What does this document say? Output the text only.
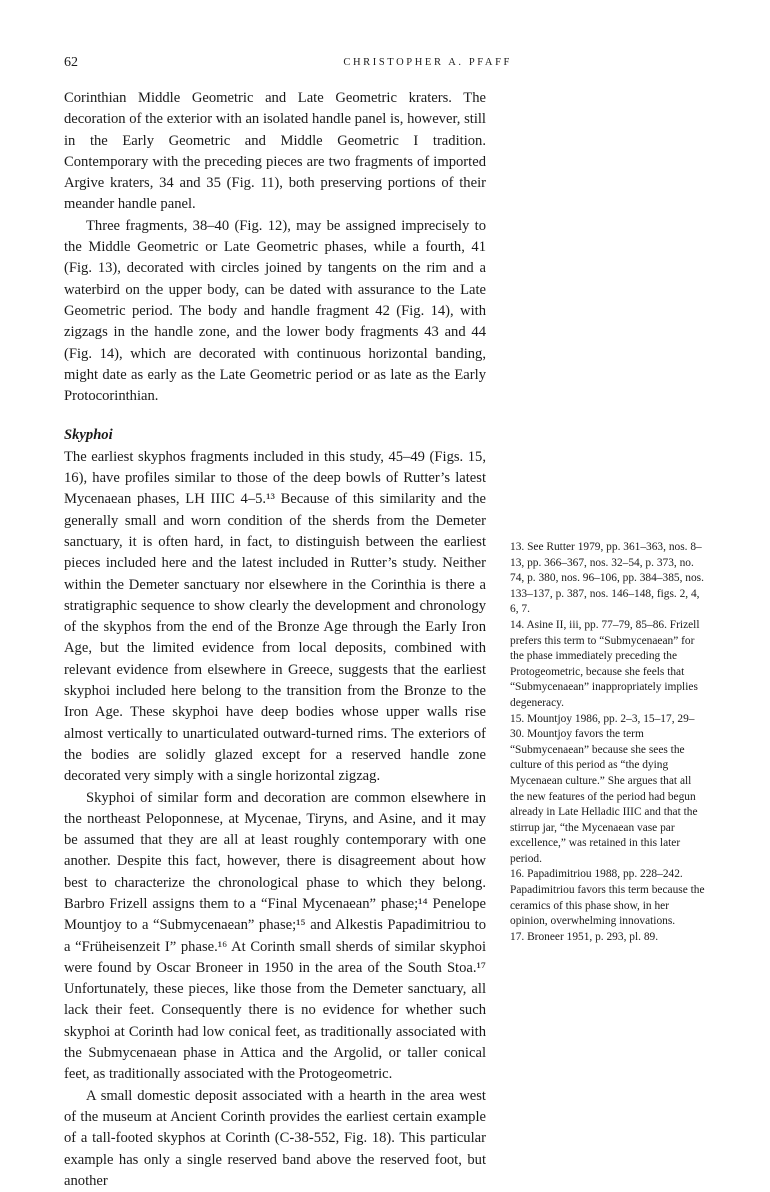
62	CHRISTOPHER A. PFAFF

Corinthian Middle Geometric and Late Geometric kraters. The decoration of the exterior with an isolated handle panel is, however, still in the Early Geometric and Middle Geometric I tradition. Contemporary with the preceding pieces are two fragments of imported Argive kraters, 34 and 35 (Fig. 11), both preserving portions of their meander handle panel.

Three fragments, 38–40 (Fig. 12), may be assigned imprecisely to the Middle Geometric or Late Geometric phases, while a fourth, 41 (Fig. 13), decorated with circles joined by tangents on the rim and a waterbird on the upper body, can be dated with assurance to the Late Geometric period. The body and handle fragment 42 (Fig. 14), with zigzags in the handle zone, and the lower body fragments 43 and 44 (Fig. 14), which are decorated with continuous horizontal banding, might date as early as the Late Geometric period or as late as the Early Protocorinthian.

Skyphoi

The earliest skyphos fragments included in this study, 45–49 (Figs. 15, 16), have profiles similar to those of the deep bowls of Rutter’s latest Mycenaean phases, LH IIIC 4–5.¹³ Because of this similarity and the generally small and worn condition of the sherds from the Demeter sanctuary, it is often hard, in fact, to distinguish between the earliest pieces included here and the latest included in Rutter’s study. Neither within the Demeter sanctuary nor elsewhere in the Corinthia is there a stratigraphic sequence to show clearly the development and chronology of the skyphos from the end of the Bronze Age through the Early Iron Age, but the limited evidence from local deposits, combined with relevant evidence from elsewhere in Greece, suggests that the earliest skyphoi included here belong to the transition from the Bronze to the Iron Age. These skyphoi have deep bodies whose upper walls rise almost vertically to unarticulated outward-turned rims. The exteriors of the bodies are solidly glazed except for a reserved handle zone decorated very simply with a single horizontal zigzag.

Skyphoi of similar form and decoration are common elsewhere in the northeast Peloponnese, at Mycenae, Tiryns, and Asine, and it may be assumed that they are all at least roughly contemporary with one another. Despite this fact, however, there is disagreement about how best to characterize the chronological phase to which they belong. Barbro Frizell assigns them to a “Final Mycenaean” phase;¹⁴ Penelope Mountjoy to a “Submycenaean” phase;¹⁵ and Alkestis Papadimitriou to a “Früheisenzeit I” phase.¹⁶ At Corinth small sherds of similar skyphoi were found by Oscar Broneer in 1950 in the area of the South Stoa.¹⁷ Unfortunately, these pieces, like those from the Demeter sanctuary, all lack their feet. Consequently there is no evidence for whether such skyphoi at Corinth had low conical feet, as traditionally associated with the Submycenaean phase in Attica and the Argolid, or taller conical feet, as traditionally associated with the Protogeometric.

A small domestic deposit associated with a hearth in the area west of the museum at Ancient Corinth provides the earliest certain example of a tall-footed skyphos at Corinth (C-38-552, Fig. 18). This particular example has only a single reserved band above the reserved foot, but another

13. See Rutter 1979, pp. 361–363, nos. 8–13, pp. 366–367, nos. 32–54, p. 373, no. 74, p. 380, nos. 96–106, pp. 384–385, nos. 133–137, p. 387, nos. 146–148, figs. 2, 4, 6, 7.

14. Asine II, iii, pp. 77–79, 85–86. Frizell prefers this term to “Submycenaean” for the phase immediately preceding the Protogeometric, because she feels that “Submycenaean” inappropriately implies degeneracy.

15. Mountjoy 1986, pp. 2–3, 15–17, 29–30. Mountjoy favors the term “Submycenaean” because she sees the culture of this period as “the dying Mycenaean culture.” She argues that all the new features of the period had begun already in Late Helladic IIIC and that the stirrup jar, “the Mycenaean vase par excellence,” was retained in this later period.

16. Papadimitriou 1988, pp. 228–242. Papadimitriou favors this term because the ceramics of this phase show, in her opinion, overwhelming innovations.

17. Broneer 1951, p. 293, pl. 89.
